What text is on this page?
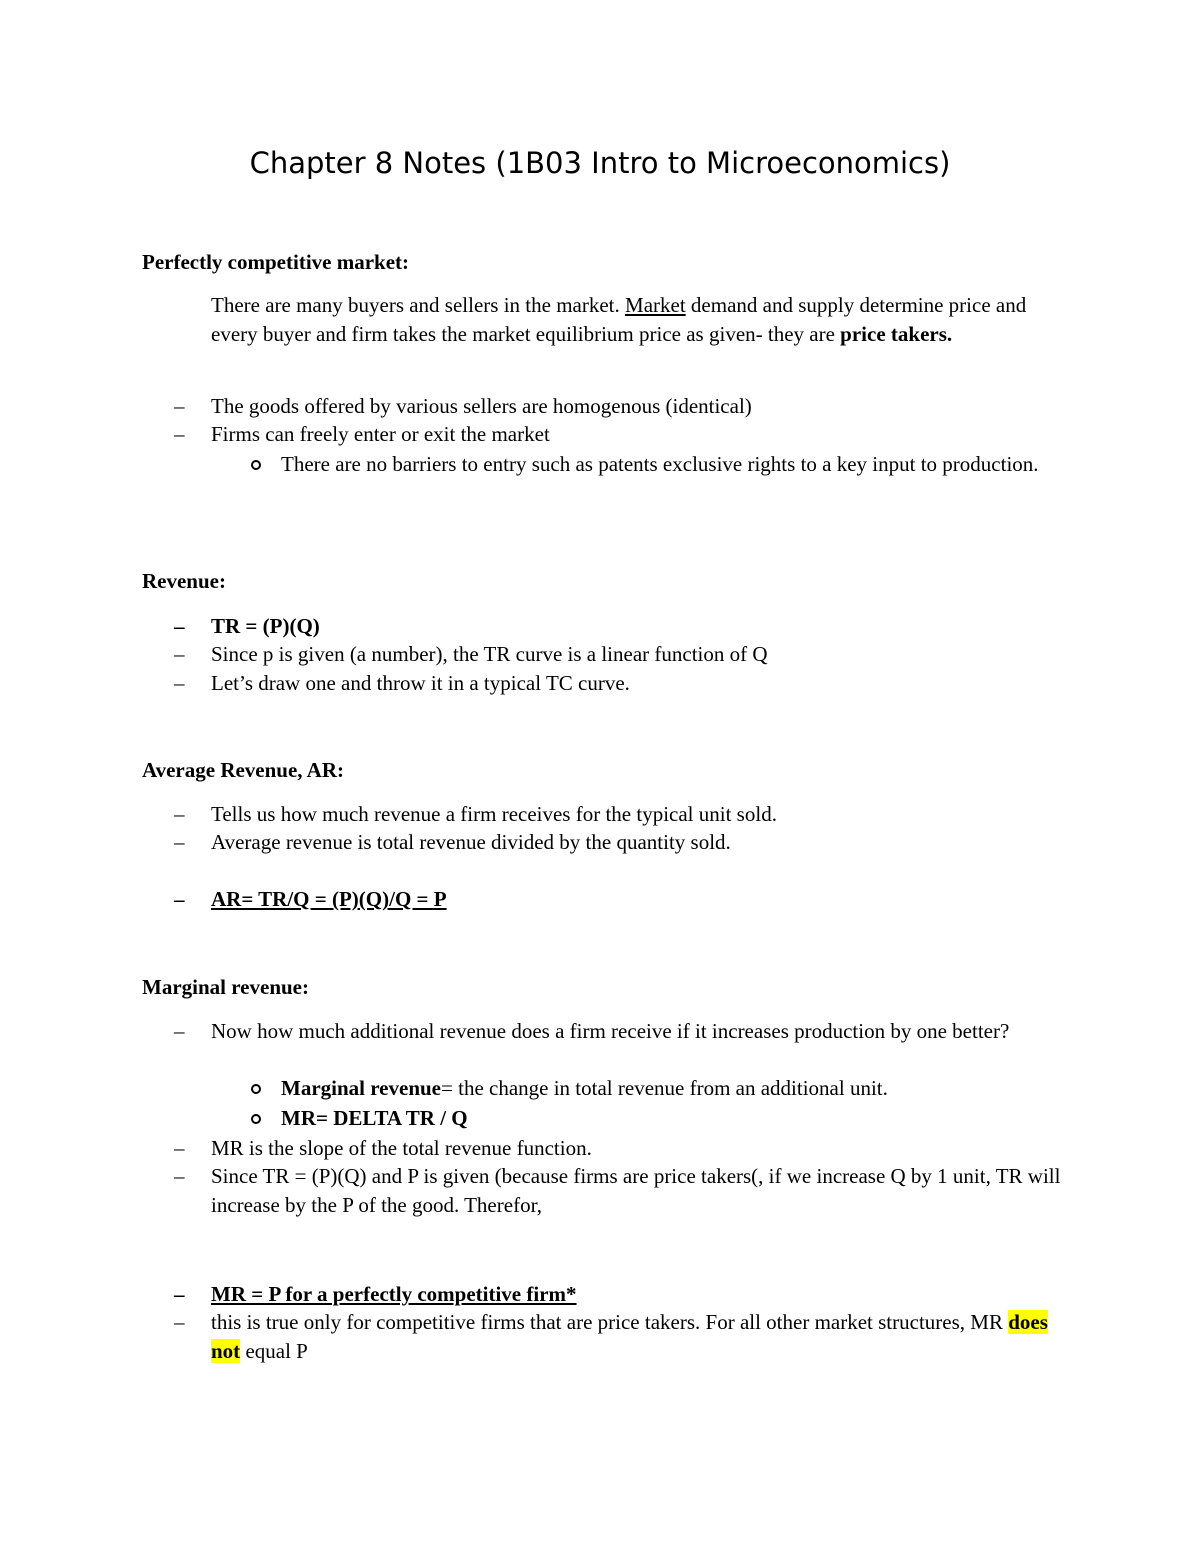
Chapter 8 Notes (1B03 Intro to Microeconomics)
Perfectly competitive market:
There are many buyers and sellers in the market. Market demand and supply determine price and every buyer and firm takes the market equilibrium price as given- they are price takers.
– The goods offered by various sellers are homogenous (identical)
– Firms can freely enter or exit the market
There are no barriers to entry such as patents exclusive rights to a key input to production.
Revenue:
– TR = (P)(Q)
– Since p is given (a number), the TR curve is a linear function of Q
– Let’s draw one and throw it in a typical TC curve.
Average Revenue, AR:
– Tells us how much revenue a firm receives for the typical unit sold.
– Average revenue is total revenue divided by the quantity sold.
– AR= TR/Q = (P)(Q)/Q = P
Marginal revenue:
– Now how much additional revenue does a firm receive if it increases production by one better?
Marginal revenue= the change in total revenue from an additional unit.
MR= DELTA TR / Q
– MR is the slope of the total revenue function.
– Since TR = (P)(Q) and P is given (because firms are price takers(, if we increase Q by 1 unit, TR will increase by the P of the good. Therefor,
– MR = P for a perfectly competitive firm*
– this is true only for competitive firms that are price takers. For all other market structures, MR does not equal P
